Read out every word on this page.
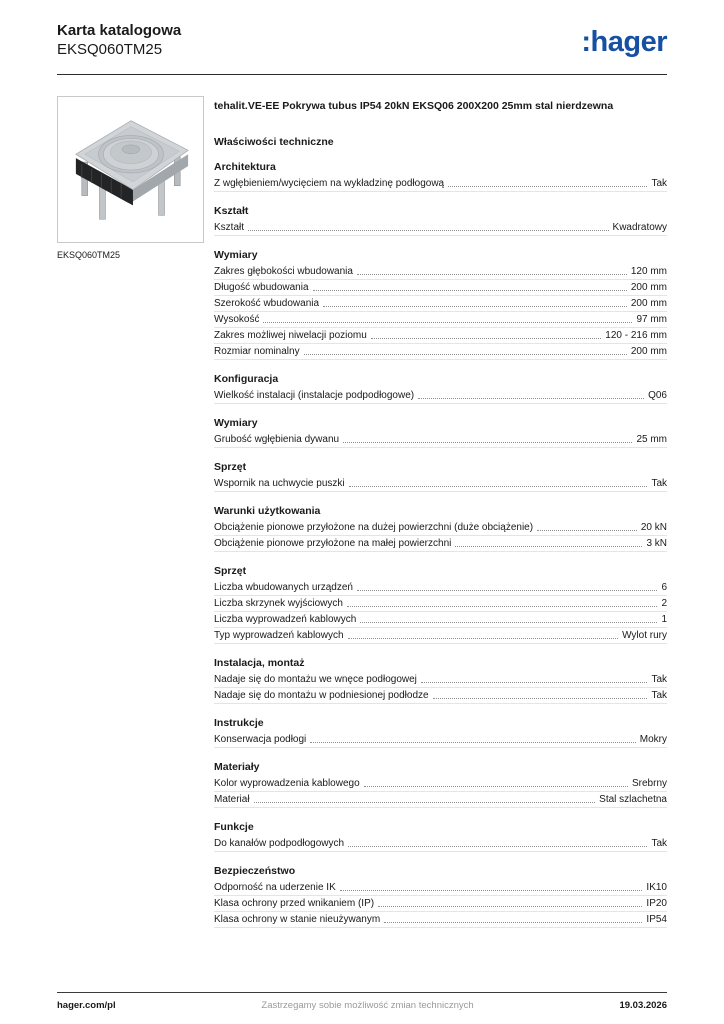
Karta katalogowa
EKSQ060TM25	:hager
EKSQ060TM25
tehalit.VE-EE Pokrywa tubus IP54 20kN EKSQ06 200X200 25mm stal nierdzewna
Właściwości techniczne
Architektura
Z wgłębieniem/wycięciem na wykładzinę podłogową	Tak
Kształt
Kształt	Kwadratowy
Wymiary
Zakres głębokości wbudowania	120 mm
Długość wbudowania	200 mm
Szerokość wbudowania	200 mm
Wysokość	97 mm
Zakres możliwej niwelacji poziomu	120 - 216 mm
Rozmiar nominalny	200 mm
Konfiguracja
Wielkość instalacji (instalacje podpodłogowe)	Q06
Wymiary
Grubość wgłębienia dywanu	25 mm
Sprzęt
Wspornik na uchwycie puszki	Tak
Warunki użytkowania
Obciążenie pionowe przyłożone na dużej powierzchni (duże obciążenie)	20 kN
Obciążenie pionowe przyłożone na małej powierzchni	3 kN
Sprzęt
Liczba wbudowanych urządzeń	6
Liczba skrzynek wyjściowych	2
Liczba wyprowadzeń kablowych	1
Typ wyprowadzeń kablowych	Wylot rury
Instalacja, montaż
Nadaje się do montażu we wnęce podłogowej	Tak
Nadaje się do montażu w podniesionej podłodze	Tak
Instrukcje
Konserwacja podłogi	Mokry
Materiały
Kolor wyprowadzenia kablowego	Srebrny
Materiał	Stal szlachetna
Funkcje
Do kanałów podpodłogowych	Tak
Bezpieczeństwo
Odporność na uderzenie IK	IK10
Klasa ochrony przed wnikaniem (IP)	IP20
Klasa ochrony w stanie nieużywanym	IP54
hager.com/pl	Zastrzegamy sobie możliwość zmian technicznych	19.03.2026
